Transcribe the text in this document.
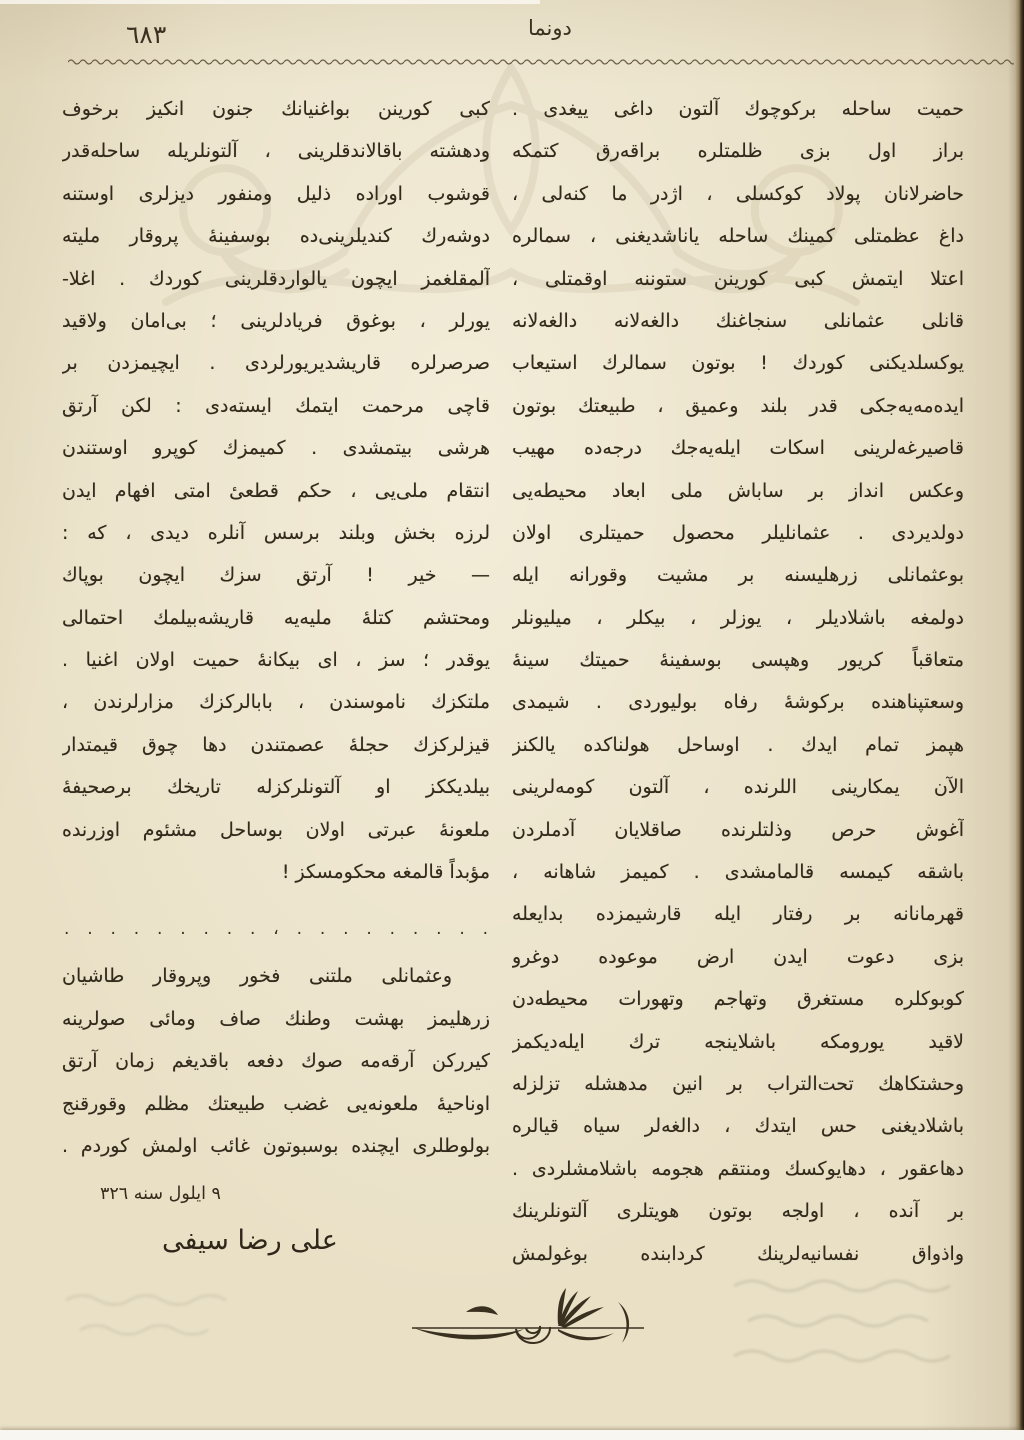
٦٨٣	دونما
حميت ساحله بركوچوك آلتون داغى ييغدى .
براز اول بزى ظلمتلره براقه‌رق كتمكه
حاضرلانان پولاد كوكسلى ، اژدر ما كنه‌لى ،
داغ عظمتلى كمينك ساحله ياناشديغنى ، سمالره
اعتلا ايتمش كبى كورينن ستوننه اوقمتلى ،
قانلى عثمانلى سنجاغنك دالغه‌لانه دالغه‌لانه
يوكسلديكنى كوردك ! بوتون سمالرك استيعاب
ايده‌مه‌يه‌جكى قدر بلند وعميق ، طبيعتك بوتون
قاصيرغه‌لرينى اسكات ايله‌يه‌جك درجه‌ده مهيب
وعكس انداز بر ساباش ملى ابعاد محيطه‌يى
دولديردى . عثمانليلر محصول حميتلرى اولان
بوعثمانلى زرهليسنه بر مشيت وقورانه ايله
دولمغه باشلاديلر ، يوزلر ، بيكلر ، ميليونلر
متعاقباً كريور وهپسى بوسفينۀ حميتك سينۀ
وسعتپناهنده بركوشۀ رفاه بوليوردى . شيمدى
هپمز تمام ايدك . اوساحل هولناكده يالكنز
الآن يمكارينى اللرنده ، آلتون كومه‌لرينى
آغوش حرص وذلتلرنده صاقلايان آدملردن
باشقه كيمسه قالمامشدى . كميمز شاهانه ،
قهرمانانه بر رفتار ايله قارشيمزده بدايعله
بزى دعوت ايدن ارض موعوده دوغرو
كوبوكلره مستغرق وتهاجم وتهورات محيطه‌دن
لاقيد يورومكه باشلاينجه ترك ايله‌ديكمز
وحشتكاهك تحت‌التراب بر انين مدهشله تزلزله
باشلاديغنى حس ايتدك ، دالغه‌لر سياه قيالره
دهاعقور ، دهايوكسك ومنتقم هجومه باشلامشلردى .
بر آنده ، اولجه بوتون هويتلرى آلتونلرينك
واذواق نفسانيه‌لرينك كردابنده بوغولمش
كبى كورينن بواغنيانك جنون انكيز برخوف
ودهشته باقالاندقلرينى ، آلتونلريله ساحله‌قدر
قوشوب اوراده ذليل ومنفور ديزلرى اوستنه
دوشه‌رك كنديلرينى‌ده بوسفينۀ پروقار مليته
آلمقلغمز ايچون يالواردقلرينى كوردك . اغلا-
يورلر ، بوغوق فريادلرينى ؛ بى‌امان ولاقيد
صرصرلره قاريشديريورلردى . ايچيمزدن بر
قاچى مرحمت ايتمك ايسته‌دى : لكن آرتق
هرشى بيتمشدى . كميمزك كوپرو اوستندن
انتقام ملى‌يى ، حكم قطعىٔ امتى افهام ايدن
لرزه بخش وبلند برسس آنلره ديدى ، كه :
— خير ! آرتق سزك ايچون بوپاك
ومحتشم كتلۀ مليه‌يه قاريشه‌بيلمك احتمالى
يوقدر ؛ سز ، اى بيكانۀ حميت اولان اغنيا .
ملتكزك ناموسندن ، بابالركزك مزارلرندن ،
قيزلركزك حجلۀ عصمتندن دها چوق قيمتدار
بيلديككز او آلتونلركزله تاريخك برصحيفۀ
ملعونۀ عبرتى اولان بوساحل مشئوم اوزرنده
مؤبداً قالمغه محكومسكز !
. . . . . . . . . ، . . . . . . . . .
وعثمانلى ملتنى فخور وپروقار طاشيان
زرهليمز بهشت وطنك صاف ومائى صولرينه
كيرركن آرقه‌مه صوك دفعه باقديغم زمان آرتق
اوناحيۀ ملعونه‌يى غضب طبيعتك مظلم وقورقنج
بولوطلرى ايچنده بوسبوتون غائب اولمش كوردم .
٩ ايلول سنه ٣٢٦
على رضا سيفى
